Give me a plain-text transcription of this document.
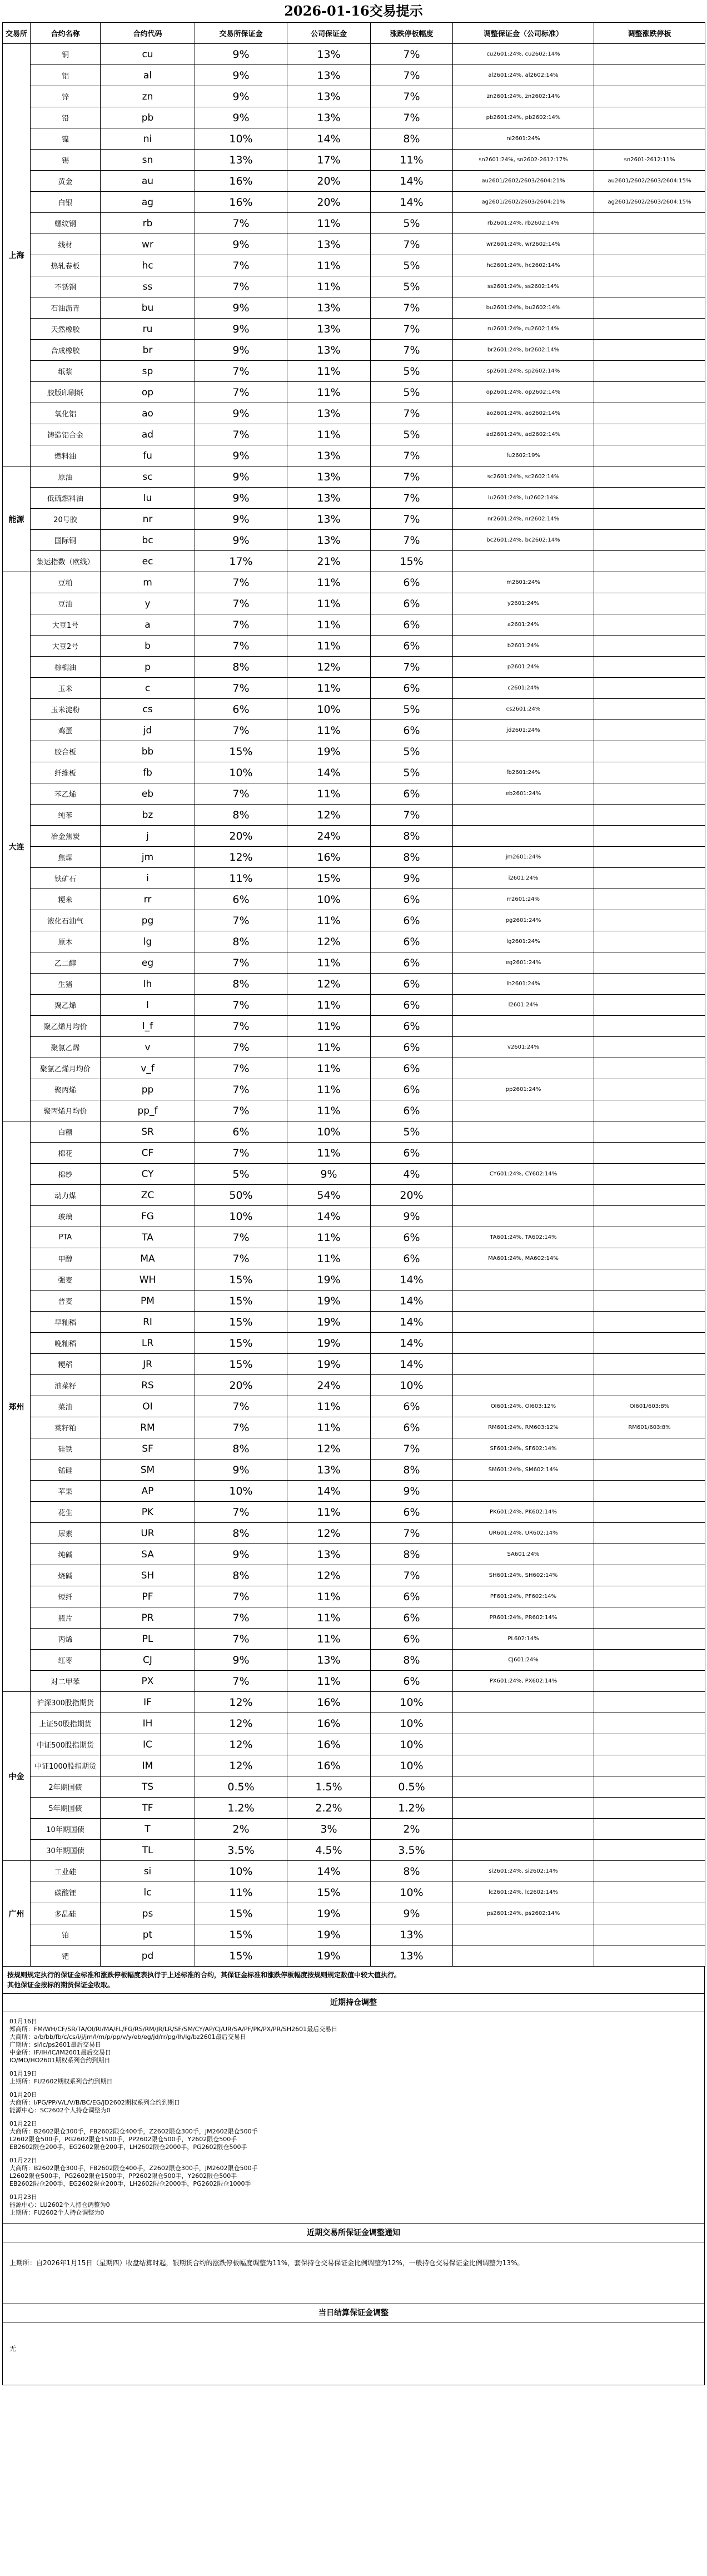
2026-01-16交易提示
交易所	合约名称	合约代码	交易所保证金	公司保证金	涨跌停板幅度	调整保证金（公司标准）	调整涨跌停板
上海	铜	cu	9%	13%	7%	cu2601:24%, cu2602:14%	
	铝	al	9%	13%	7%	al2601:24%, al2602:14%	
	锌	zn	9%	13%	7%	zn2601:24%, zn2602:14%	
	铅	pb	9%	13%	7%	pb2601:24%, pb2602:14%	
	镍	ni	10%	14%	8%	ni2601:24%	
	锡	sn	13%	17%	11%	sn2601:24%, sn2602-2612:17%	sn2601-2612:11%
	黄金	au	16%	20%	14%	au2601/2602/2603/2604:21%	au2601/2602/2603/2604:15%
	白银	ag	16%	20%	14%	ag2601/2602/2603/2604:21%	ag2601/2602/2603/2604:15%
	螺纹钢	rb	7%	11%	5%	rb2601:24%, rb2602:14%	
	线材	wr	9%	13%	7%	wr2601:24%, wr2602:14%	
	热轧卷板	hc	7%	11%	5%	hc2601:24%, hc2602:14%	
	不锈钢	ss	7%	11%	5%	ss2601:24%, ss2602:14%	
	石油沥青	bu	9%	13%	7%	bu2601:24%, bu2602:14%	
	天然橡胶	ru	9%	13%	7%	ru2601:24%, ru2602:14%	
	合成橡胶	br	9%	13%	7%	br2601:24%, br2602:14%	
	纸浆	sp	7%	11%	5%	sp2601:24%, sp2602:14%	
	胶版印刷纸	op	7%	11%	5%	op2601:24%, op2602:14%	
	氧化铝	ao	9%	13%	7%	ao2601:24%, ao2602:14%	
	铸造铝合金	ad	7%	11%	5%	ad2601:24%, ad2602:14%	
	燃料油	fu	9%	13%	7%	fu2602:19%	
能源	原油	sc	9%	13%	7%	sc2601:24%, sc2602:14%	
	低硫燃料油	lu	9%	13%	7%	lu2601:24%, lu2602:14%	
	20号胶	nr	9%	13%	7%	nr2601:24%, nr2602:14%	
	国际铜	bc	9%	13%	7%	bc2601:24%, bc2602:14%	
	集运指数（欧线）	ec	17%	21%	15%		
大连	豆粕	m	7%	11%	6%	m2601:24%	
	豆油	y	7%	11%	6%	y2601:24%	
	大豆1号	a	7%	11%	6%	a2601:24%	
	大豆2号	b	7%	11%	6%	b2601:24%	
	棕榈油	p	8%	12%	7%	p2601:24%	
	玉米	c	7%	11%	6%	c2601:24%	
	玉米淀粉	cs	6%	10%	5%	cs2601:24%	
	鸡蛋	jd	7%	11%	6%	jd2601:24%	
	胶合板	bb	15%	19%	5%		
	纤维板	fb	10%	14%	5%	fb2601:24%	
	苯乙烯	eb	7%	11%	6%	eb2601:24%	
	纯苯	bz	8%	12%	7%		
	冶金焦炭	j	20%	24%	8%		
	焦煤	jm	12%	16%	8%	jm2601:24%	
	铁矿石	i	11%	15%	9%	i2601:24%	
	粳米	rr	6%	10%	6%	rr2601:24%	
	液化石油气	pg	7%	11%	6%	pg2601:24%	
	原木	lg	8%	12%	6%	lg2601:24%	
	乙二醇	eg	7%	11%	6%	eg2601:24%	
	生猪	lh	8%	12%	6%	lh2601:24%	
	聚乙烯	l	7%	11%	6%	l2601:24%	
	聚乙烯月均价	l_f	7%	11%	6%		
	聚氯乙烯	v	7%	11%	6%	v2601:24%	
	聚氯乙烯月均价	v_f	7%	11%	6%		
	聚丙烯	pp	7%	11%	6%	pp2601:24%	
	聚丙烯月均价	pp_f	7%	11%	6%		
郑州	白糖	SR	6%	10%	5%		
	棉花	CF	7%	11%	6%		
	棉纱	CY	5%	9%	4%	CY601:24%, CY602:14%	
	动力煤	ZC	50%	54%	20%		
	玻璃	FG	10%	14%	9%		
	PTA	TA	7%	11%	6%	TA601:24%, TA602:14%	
	甲醇	MA	7%	11%	6%	MA601:24%, MA602:14%	
	强麦	WH	15%	19%	14%		
	普麦	PM	15%	19%	14%		
	早籼稻	RI	15%	19%	14%		
	晚籼稻	LR	15%	19%	14%		
	粳稻	JR	15%	19%	14%		
	油菜籽	RS	20%	24%	10%		
	菜油	OI	7%	11%	6%	OI601:24%, OI603:12%	OI601/603:8%
	菜籽粕	RM	7%	11%	6%	RM601:24%, RM603:12%	RM601/603:8%
	硅铁	SF	8%	12%	7%	SF601:24%, SF602:14%	
	锰硅	SM	9%	13%	8%	SM601:24%, SM602:14%	
	苹果	AP	10%	14%	9%		
	花生	PK	7%	11%	6%	PK601:24%, PK602:14%	
	尿素	UR	8%	12%	7%	UR601:24%, UR602:14%	
	纯碱	SA	9%	13%	8%	SA601:24%	
	烧碱	SH	8%	12%	7%	SH601:24%, SH602:14%	
	短纤	PF	7%	11%	6%	PF601:24%, PF602:14%	
	瓶片	PR	7%	11%	6%	PR601:24%, PR602:14%	
	丙烯	PL	7%	11%	6%	PL602:14%	
	红枣	CJ	9%	13%	8%	CJ601:24%	
	对二甲苯	PX	7%	11%	6%	PX601:24%, PX602:14%	
中金	沪深300股指期货	IF	12%	16%	10%		
	上证50股指期货	IH	12%	16%	10%		
	中证500股指期货	IC	12%	16%	10%		
	中证1000股指期货	IM	12%	16%	10%		
	2年期国债	TS	0.5%	1.5%	0.5%		
	5年期国债	TF	1.2%	2.2%	1.2%		
	10年期国债	T	2%	3%	2%		
	30年期国债	TL	3.5%	4.5%	3.5%		
广州	工业硅	si	10%	14%	8%	si2601:24%, si2602:14%	
	碳酸锂	lc	11%	15%	10%	lc2601:24%, lc2602:14%	
	多晶硅	ps	15%	19%	9%	ps2601:24%, ps2602:14%	
	铂	pt	15%	19%	13%		
	钯	pd	15%	19%	13%		
按规则规定执行的保证金标准和涨跌停板幅度表执行于上述标准的合约，其保证金标准和涨跌停板幅度按规则规定数值中较大值执行。
其他保证金按标的期货保证金收取。
近期持仓调整
01月16日
郑商所：FM/WH/CF/SR/TA/OI/RI/MA/FL/FG/RS/RM/JR/LR/SF/SM/CY/AP/CJ/UR/SA/PF/PK/PX/PR/SH2601最后交易日
大商所：a/b/bb/fb/c/cs/i/j/jm/l/m/p/pp/v/y/eb/eg/jd/rr/pg/lh/lg/bz2601最后交易日
广期所：si/lc/ps2601最后交易日
中金所：IF/IH/IC/IM2601最后交易日
IO/MO/HO2601期权系列合约到期日
01月19日
上期所：FU2602期权系列合约到期日
01月20日
大商所：l/PG/PP/V/L/V/B/BC/EG/JD2602期权系列合约到期日
能源中心：SC2602个人持仓调整为0
01月22日
大商所：B2602限仓300手，FB2602限仓400手，Z2602限仓300手，JM2602限仓500手
L2602限仓500手，PG2602限仓1500手，PP2602限仓500手，Y2602限仓500手
EB2602限仓200手，EG2602限仓200手，LH2602限仓2000手，PG2602限仓500手
01月22日
大商所：B2602限仓300手，FB2602限仓400手，Z2602限仓300手，JM2602限仓500手
L2602限仓500手，PG2602限仓1500手，PP2602限仓500手，Y2602限仓500手
EB2602限仓200手，EG2602限仓200手，LH2602限仓2000手，PG2602限仓1000手
01月23日
能源中心：LU2602个人持仓调整为0
上期所：FU2602个人持仓调整为0
近期交易所保证金调整通知
上期所：自2026年1月15日（星期四）收盘结算时起，银期货合约的涨跌停板幅度调整为11%，套保持仓交易保证金比例调整为12%，一般持仓交易保证金比例调整为13%。
当日结算保证金调整
无
